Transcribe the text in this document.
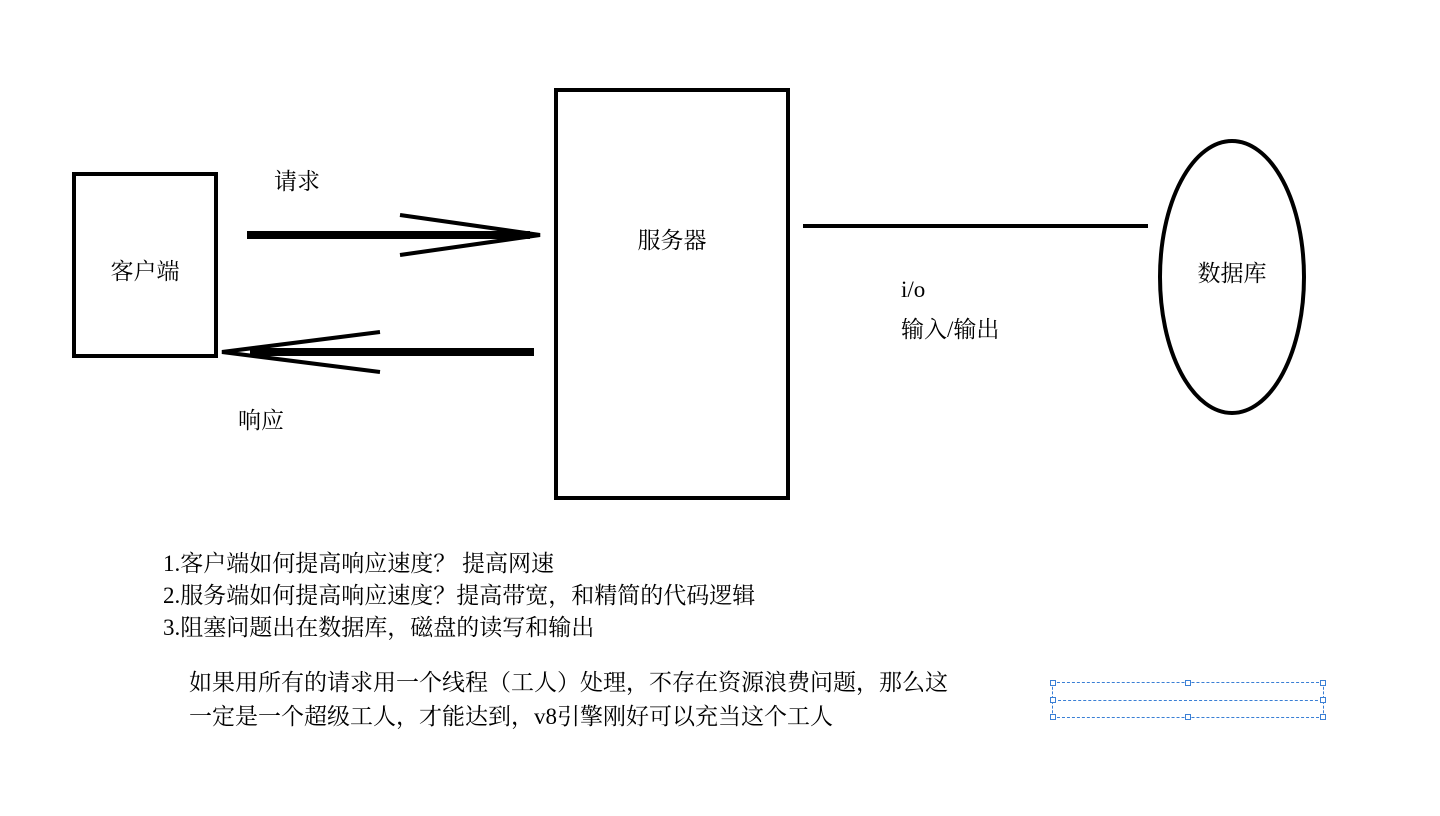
客户端
服务器
数据库
请求
响应
i/o
输入/输出
1.客户端如何提高响应速度？ 提高网速
2.服务端如何提高响应速度？提高带宽，和精简的代码逻辑
3.阻塞问题出在数据库，磁盘的读写和输出
如果用所有的请求用一个线程（工人）处理，不存在资源浪费问题，那么这一定是一个超级工人，才能达到，v8引擎刚好可以充当这个工人
